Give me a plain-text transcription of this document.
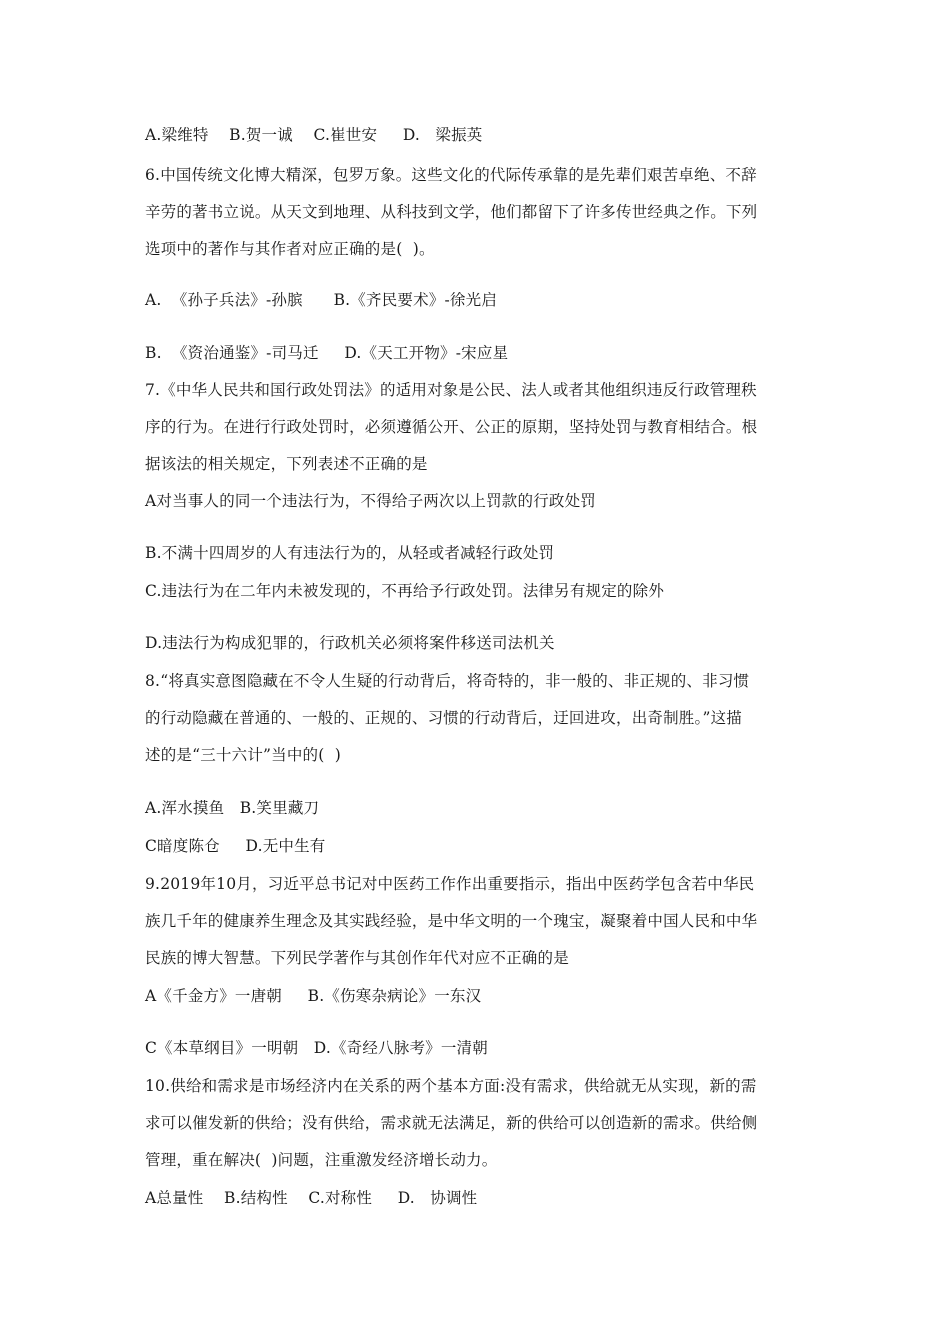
A.梁维特    B.贺一诚    C.崔世安     D.   梁振英
6.中国传统文化博大精深，包罗万象。这些文化的代际传承靠的是先辈们艰苦卓绝、不辞
辛劳的著书立说。从天文到地理、从科技到文学，他们都留下了许多传世经典之作。下列
选项中的著作与其作者对应正确的是(  )。
A.  《孙子兵法》-孙膑      B.《齐民要术》-徐光启
B.  《资治通鉴》-司马迁     D.《天工开物》-宋应星
7.《中华人民共和国行政处罚法》的适用对象是公民、法人或者其他组织违反行政管理秩
序的行为。在进行行政处罚时，必须遵循公开、公正的原期，坚持处罚与教育相结合。根
据该法的相关规定，下列表述不正确的是
A对当事人的同一个违法行为，不得给子两次以上罚款的行政处罚
B.不满十四周岁的人有违法行为的，从轻或者减轻行政处罚
C.违法行为在二年内未被发现的，不再给予行政处罚。法律另有规定的除外
D.违法行为构成犯罪的，行政机关必须将案件移送司法机关
8.“将真实意图隐藏在不令人生疑的行动背后，将奇特的，非一般的、非正规的、非习惯
的行动隐藏在普通的、一般的、正规的、习惯的行动背后，迂回进攻，出奇制胜。”这描
述的是“三十六计”当中的(  )
A.浑水摸鱼   B.笑里藏刀
C暗度陈仓     D.无中生有
9.2019年10月，习近平总书记对中医药工作作出重要指示，指出中医药学包含若中华民
族几千年的健康养生理念及其实践经验，是中华文明的一个瑰宝，凝聚着中国人民和中华
民族的博大智慧。下列民学著作与其创作年代对应不正确的是
A《千金方》一唐朝     B.《伤寒杂病论》一东汉
C《本草纲目》一明朝   D.《奇经八脉考》一清朝
10.供给和需求是市场经济内在关系的两个基本方面:没有需求，供给就无从实现，新的需
求可以催发新的供给；没有供给，需求就无法满足，新的供给可以创造新的需求。供给侧
管理，重在解决(  )问题，注重激发经济增长动力。
A总量性    B.结构性    C.对称性     D.   协调性
